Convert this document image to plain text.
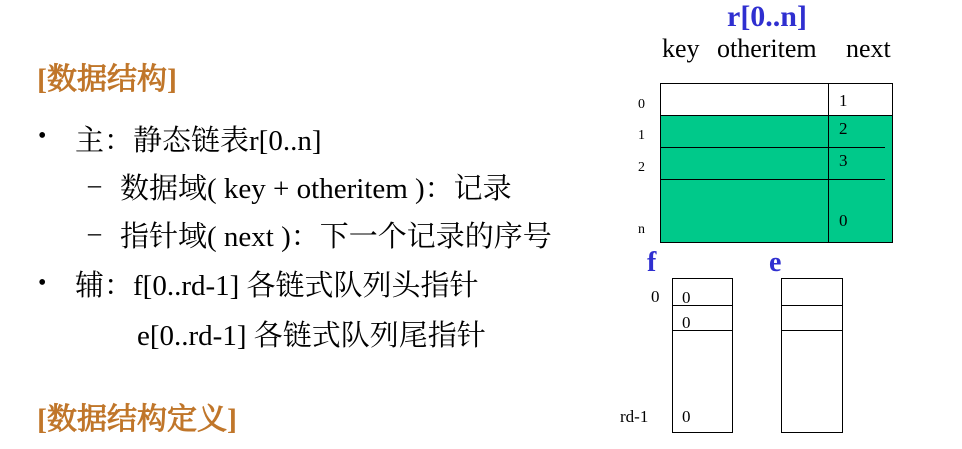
[数据结构]
• 主：静态链表r[0..n]
– 数据域( key + otheritem )：记录
– 指针域( next )：下一个记录的序号
• 辅：f[0..rd-1] 各链式队列头指针
e[0..rd-1] 各链式队列尾指针
[数据结构定义]
r[0..n]
key otheritem next
0
1
2
n
1
2
3
0
f	e
0
rd-1
0
0
0
